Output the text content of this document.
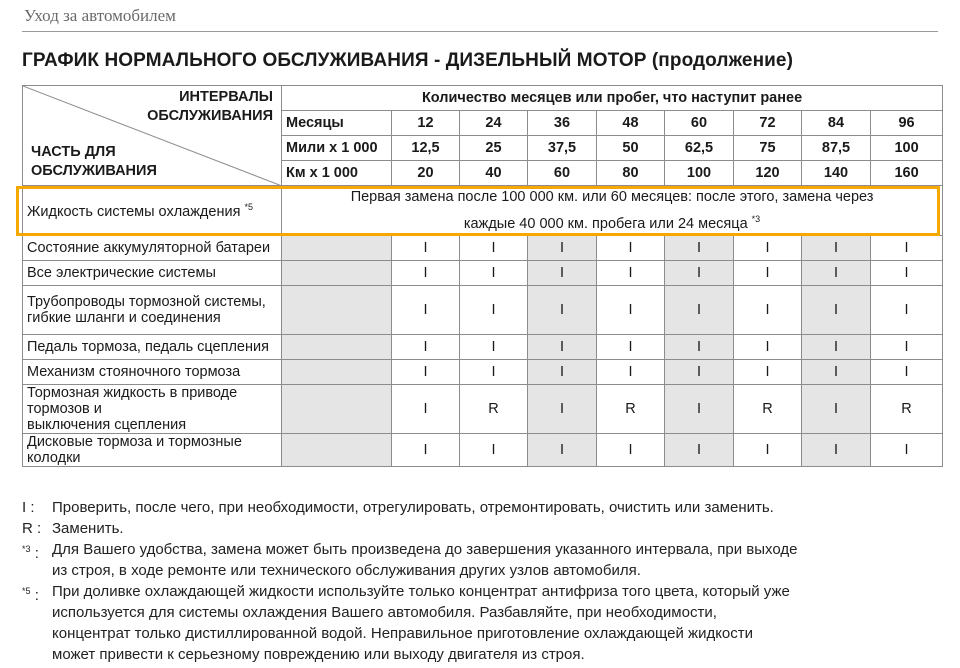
Уход за автомобилем
ГРАФИК НОРМАЛЬНОГО ОБСЛУЖИВАНИЯ - ДИЗЕЛЬНЫЙ МОТОР (продолжение)
ИНТЕРВАЛЫ
ОБСЛУЖИВАНИЯ
ЧАСТЬ ДЛЯ
ОБСЛУЖИВАНИЯ	Количество месяцев или пробег, что наступит ранее								
	Месяцы	12	24	36	48	60	72	84	96
	Мили x 1 000	12,5	25	37,5	50	62,5	75	87,5	100
	Км x 1 000	20	40	60	80	100	120	140	160
Жидкость системы охлаждения $^{*5}$	Первая замена после 100 000 км. или 60 месяцев: после этого, замена через
каждые 40 000 км. пробега или 24 месяца $^{*3}$

Состояние аккумуляторной батареи		I	I	I	I	I	I	I	I
Все электрические системы		I	I	I	I	I	I	I	I

Трубопроводы тормозной системы,
гибкие шланги и соединения		I	I	I	I	I	I	I	I
Педаль тормоза, педаль сцепления		I	I	I	I	I	I	I	I
Механизм стояночного тормоза		I	I	I	I	I	I	I	I

Тормозная жидкость в приводе тормозов и
выключения сцепления		I	R	I	R	I	R	I	R
Дисковые тормоза и тормозные колодки		I	I	I	I	I	I	I	I
I :	Проверить, после чего, при необходимости, отрегулировать, отремонтировать, очистить или заменить.
R : Заменить.
$^{*3}$ : Для Вашего удобства, замена может быть произведена до завершения указанного интервала, при выходе
из строя, в ходе ремонте или технического обслуживания других узлов автомобиля.
$^{*5}$ : При доливке охлаждающей жидкости используйте только концентрат антифриза того цвета, который уже
используется для системы охлаждения Вашего автомобиля. Разбавляйте, при необходимости,
концентрат только дистиллированной водой. Неправильное приготовление охлаждающей жидкости
может привести к серьезному повреждению или выходу двигателя из строя.
